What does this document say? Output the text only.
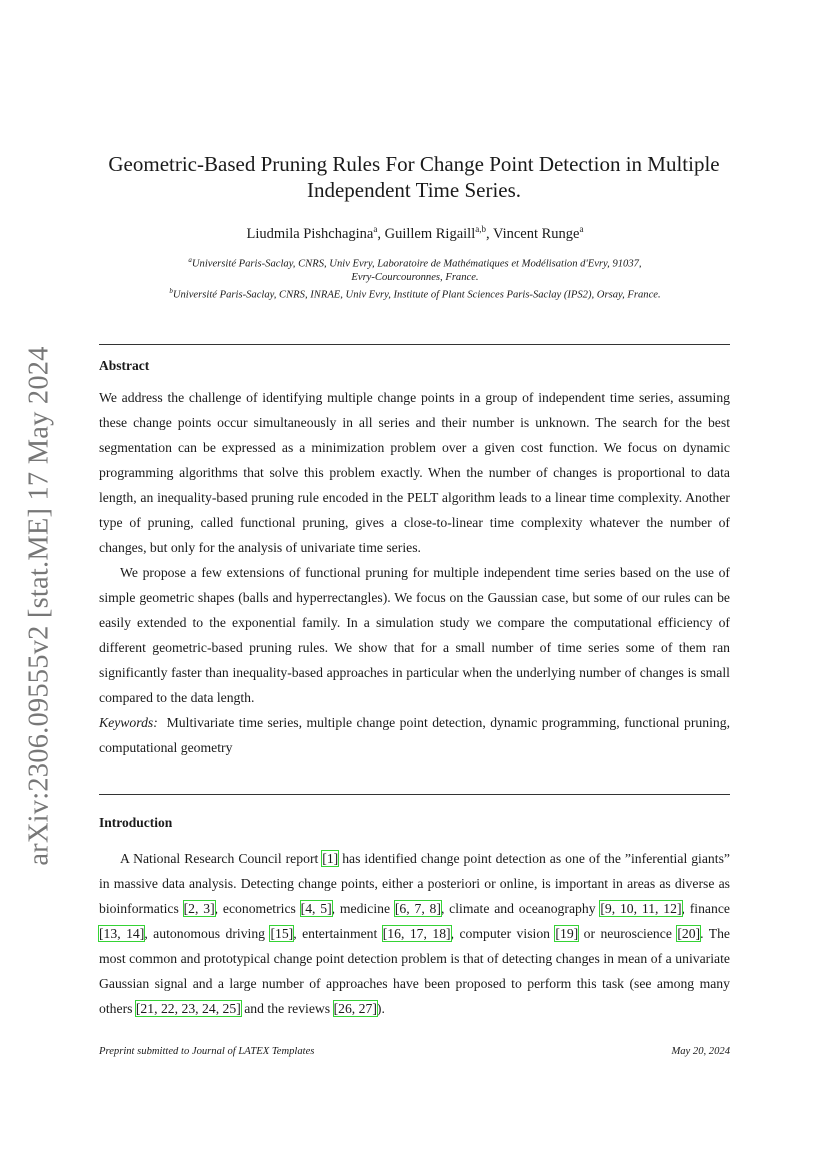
arXiv:2306.09555v2 [stat.ME] 17 May 2024
Geometric-Based Pruning Rules For Change Point Detection in Multiple
Independent Time Series.
Liudmila Pishchagina$^a$, Guillem Rigaill$^{a,b}$, Vincent Runge$^a$
$^a$Université Paris-Saclay, CNRS, Univ Evry, Laboratoire de Mathématiques et Modélisation d'Evry, 91037,
Evry-Courcouronnes, France.
$^b$Université Paris-Saclay, CNRS, INRAE, Univ Evry, Institute of Plant Sciences Paris-Saclay (IPS2), Orsay, France.
Abstract

We address the challenge of identifying multiple change points in a group of independent time series, assuming these change points occur simultaneously in all series and their number is unknown. The search for the best segmentation can be expressed as a minimization problem over a given cost function. We focus on dynamic programming algorithms that solve this problem exactly. When the number of changes is proportional to data length, an inequality-based pruning rule encoded in the PELT algorithm leads to a linear time complexity. Another type of pruning, called functional pruning, gives a close-to-linear time complexity whatever the number of changes, but only for the analysis of univariate time series.

We propose a few extensions of functional pruning for multiple independent time series based on the use of simple geometric shapes (balls and hyperrectangles). We focus on the Gaussian case, but some of our rules can be easily extended to the exponential family. In a simulation study we compare the computational efficiency of different geometric-based pruning rules. We show that for a small number of time series some of them ran significantly faster than inequality-based approaches in particular when the underlying number of changes is small compared to the data length.

Keywords: Multivariate time series, multiple change point detection, dynamic programming, functional pruning, computational geometry

Introduction

A National Research Council report [1] has identified change point detection as one of the ”inferential giants” in massive data analysis. Detecting change points, either a posteriori or online, is important in areas as diverse as bioinformatics [2, 3], econometrics [4, 5], medicine [6, 7, 8], climate and oceanography [9, 10, 11, 12], finance [13, 14], autonomous driving [15], entertainment [16, 17, 18], computer vision [19] or neuroscience [20]. The most common and prototypical change point detection problem is that of detecting changes in mean of a univariate Gaussian signal and a large number of approaches have been proposed to perform this task (see among many others [21, 22, 23, 24, 25] and the reviews [26, 27]).

Preprint submitted to Journal of LATEX Templates	May 20, 2024
